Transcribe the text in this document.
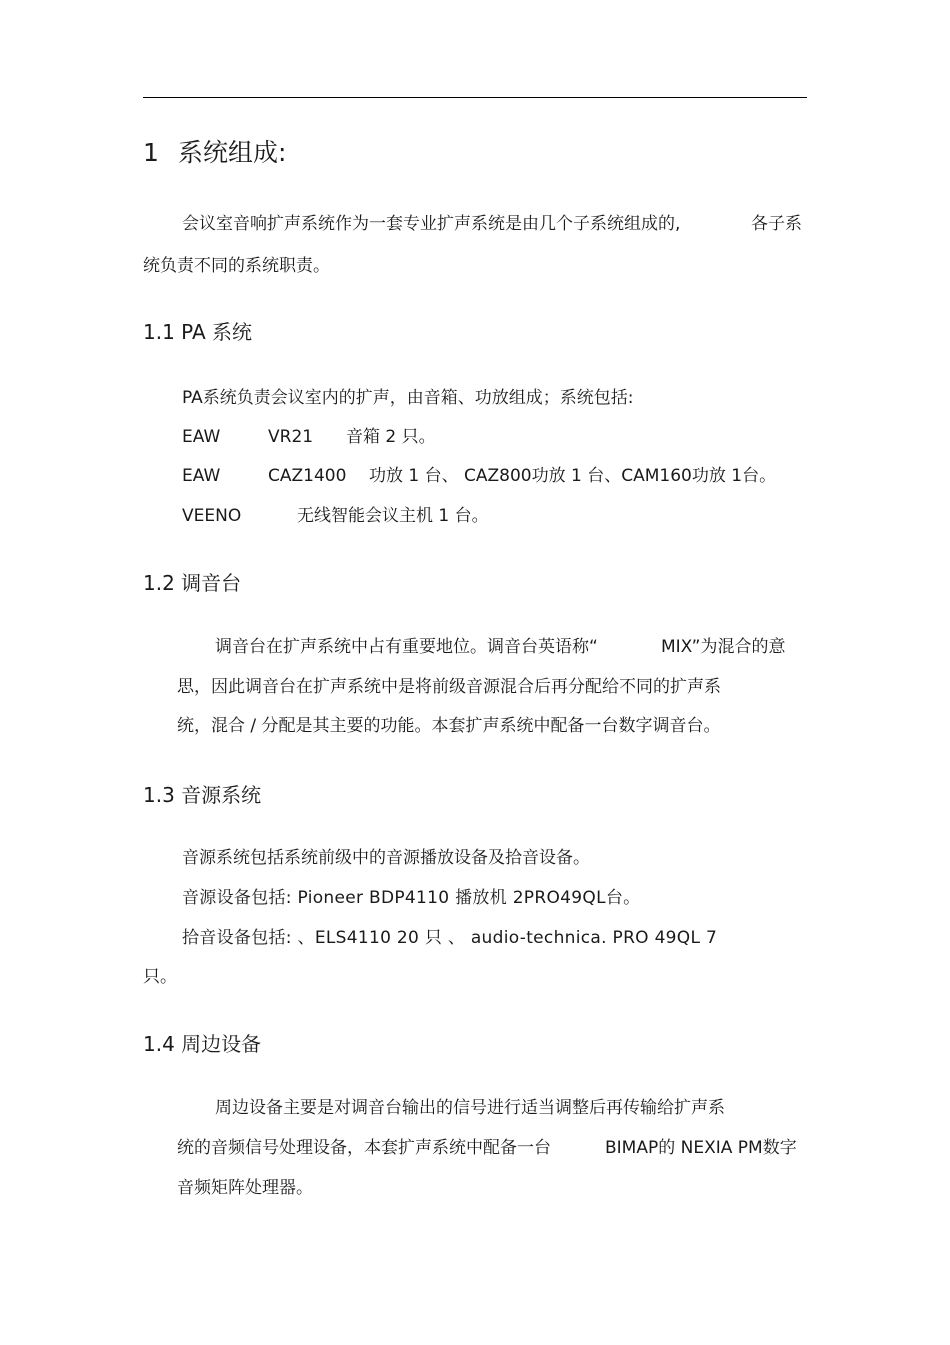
1 系统组成:
会议室音响扩声系统作为一套专业扩声系统是由几个子系统组成的,	各子系
统负责不同的系统职责。
1.1 PA 系统
PA系统负责会议室内的扩声，由音箱、功放组成；系统包括:
EAW	VR21 音箱 2 只。
EAW	CAZ1400 功放 1 台、 CAZ800功放 1 台、CAM160功放 1台。
VEENO	无线智能会议主机 1 台。
1.2 调音台
调音台在扩声系统中占有重要地位。调音台英语称“	MIX”为混合的意
思，因此调音台在扩声系统中是将前级音源混合后再分配给不同的扩声系
统，混合 / 分配是其主要的功能。本套扩声系统中配备一台数字调音台。
1.3 音源系统
音源系统包括系统前级中的音源播放设备及拾音设备。
音源设备包括: Pioneer BDP4110 播放机 2PRO49QL台。
拾音设备包括: 、ELS4110 20 只 、 audio-technica. PRO 49QL 7
只。
1.4 周边设备
周边设备主要是对调音台输出的信号进行适当调整后再传输给扩声系
统的音频信号处理设备，本套扩声系统中配备一台	BIMAP的 NEXIA PM数字
音频矩阵处理器。
